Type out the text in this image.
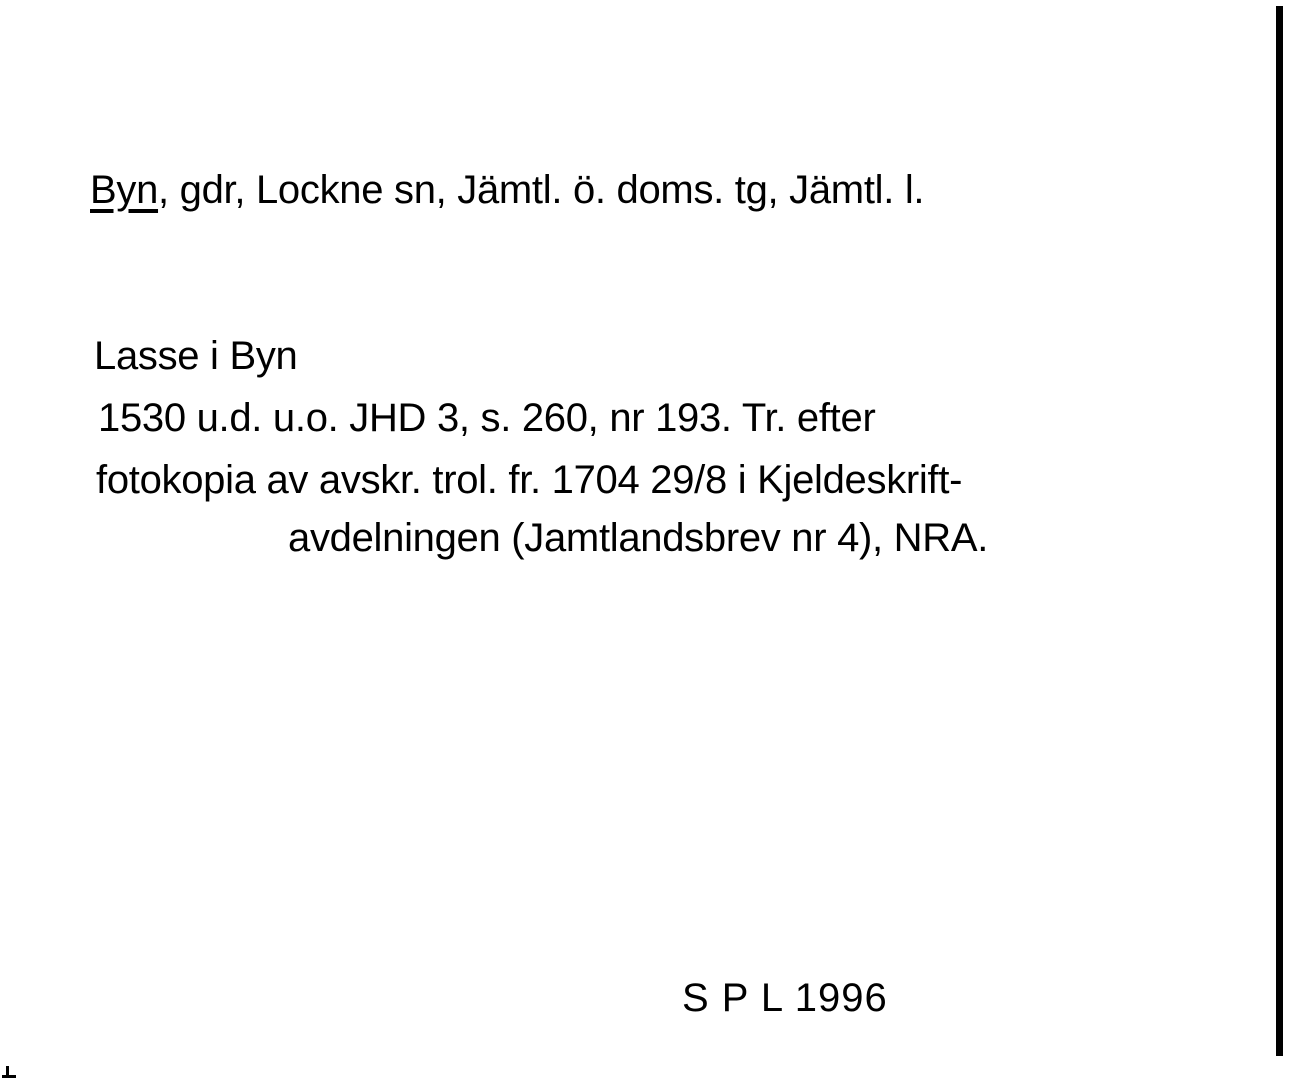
Byn, gdr, Lockne sn, Jämtl. ö. doms. tg, Jämtl. l.
Lasse i Byn
1530 u.d. u.o. JHD 3, s. 260, nr 193. Tr. efter
fotokopia av avskr. trol. fr. 1704 29/8 i Kjeldeskrift-
avdelningen (Jamtlandsbrev nr 4), NRA.
S P L 1996
